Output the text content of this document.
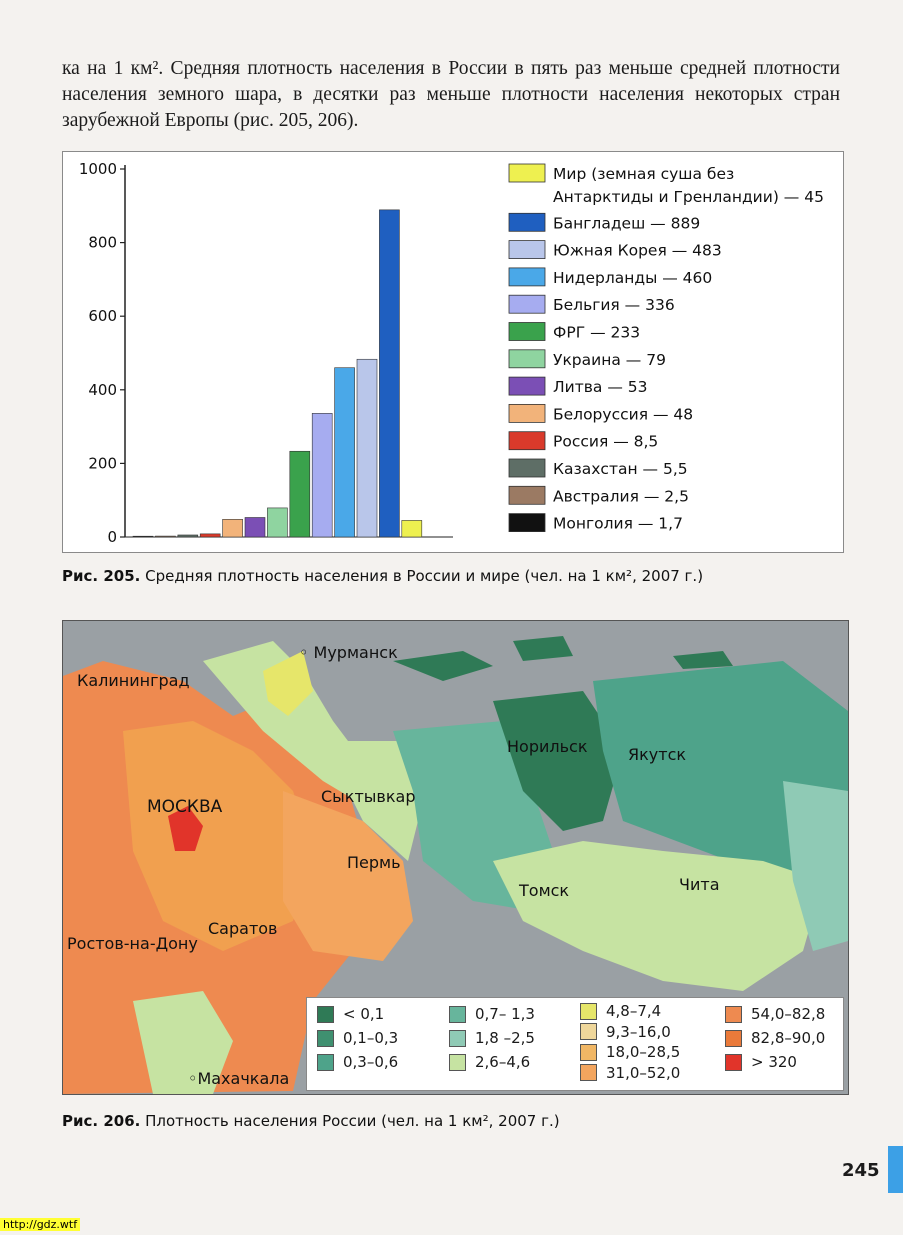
ка на 1 км². Средняя плотность населения в России в пять раз меньше средней плотности населения земного шара, в десятки раз меньше плотности населения некоторых стран зарубежной Европы (рис. 205, 206).

0
200
400
600
800
1000	Мир (земная суша без
Антарктиды и Гренландии) — 45
Бангладеш — 889
Южная Корея — 483
Нидерланды — 460
Бельгия — 336
ФРГ — 233
Украина — 79
Литва — 53
Белоруссия — 48
Россия — 8,5
Казахстан — 5,5
Австралия — 2,5
Монголия — 1,7
Рис. 205. Средняя плотность населения в России и мире (чел. на 1 км², 2007 г.)
◦ Мурманск
Калининград
Норильск	Якутск
МОСКВА
Сыктывкар
Пермь
Томск	Чита
Саратов
Ростов-на-Дону
◦Махачкала
< 0,1
0,1–0,3
0,3–0,6
0,7– 1,3
1,8 –2,5
2,6–4,6
4,8–7,4
9,3–16,0
18,0–28,5
31,0–52,0
54,0–82,8
82,8–90,0
> 320
Рис. 206. Плотность населения России (чел. на 1 км², 2007 г.)
245
http://gdz.wtf
